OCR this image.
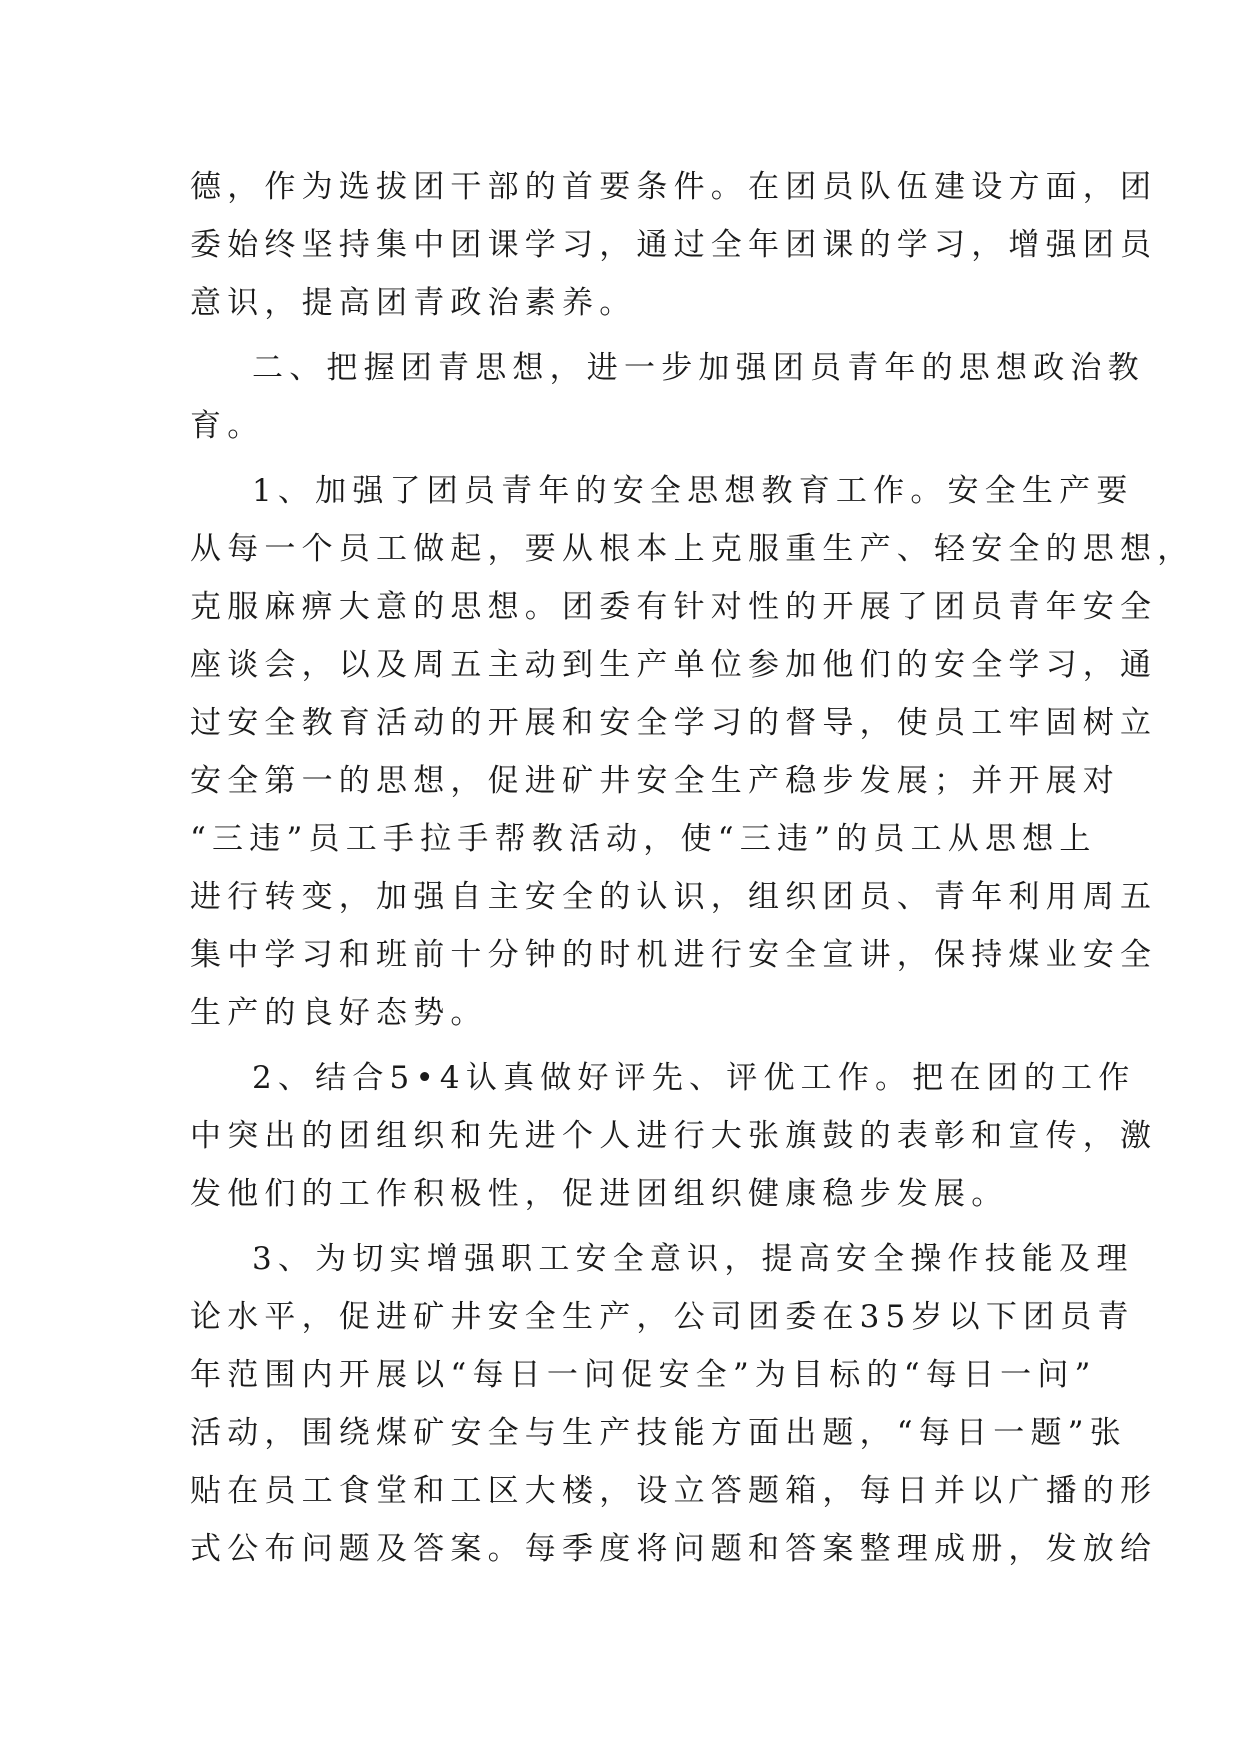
德，作为选拔团干部的首要条件。在团员队伍建设方面，团
委始终坚持集中团课学习，通过全年团课的学习，增强团员
意识，提高团青政治素养。
二、把握团青思想，进一步加强团员青年的思想政治教
育。
1、加强了团员青年的安全思想教育工作。安全生产要
从每一个员工做起，要从根本上克服重生产、轻安全的思想，
克服麻痹大意的思想。团委有针对性的开展了团员青年安全
座谈会，以及周五主动到生产单位参加他们的安全学习，通
过安全教育活动的开展和安全学习的督导，使员工牢固树立
安全第一的思想，促进矿井安全生产稳步发展；并开展对
“三违”员工手拉手帮教活动，使“三违”的员工从思想上
进行转变，加强自主安全的认识，组织团员、青年利用周五
集中学习和班前十分钟的时机进行安全宣讲，保持煤业安全
生产的良好态势。
2、结合5•4认真做好评先、评优工作。把在团的工作
中突出的团组织和先进个人进行大张旗鼓的表彰和宣传，激
发他们的工作积极性，促进团组织健康稳步发展。
3、为切实增强职工安全意识，提高安全操作技能及理
论水平，促进矿井安全生产，公司团委在35岁以下团员青
年范围内开展以“每日一问促安全”为目标的“每日一问”
活动，围绕煤矿安全与生产技能方面出题，“每日一题”张
贴在员工食堂和工区大楼，设立答题箱，每日并以广播的形
式公布问题及答案。每季度将问题和答案整理成册，发放给
